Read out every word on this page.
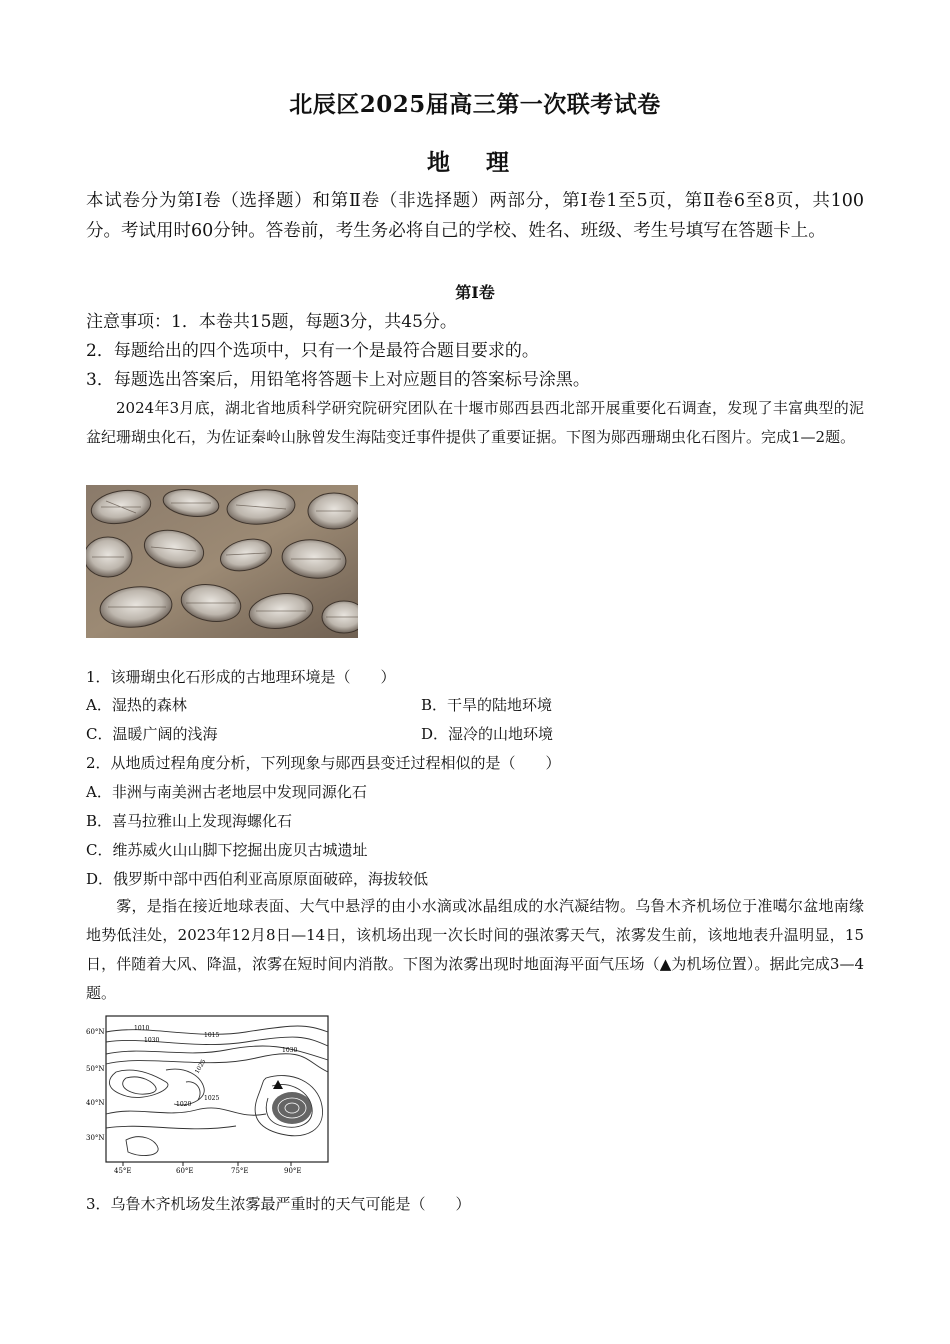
北辰区2025届高三第一次联考试卷
地 理
本试卷分为第Ⅰ卷（选择题）和第Ⅱ卷（非选择题）两部分，第Ⅰ卷1至5页，第Ⅱ卷6至8页，共100分。考试用时60分钟。答卷前，考生务必将自己的学校、姓名、班级、考生号填写在答题卡上。
第Ⅰ卷
注意事项：1．本卷共15题，每题3分，共45分。
2．每题给出的四个选项中，只有一个是最符合题目要求的。
3．每题选出答案后，用铅笔将答题卡上对应题目的答案标号涂黑。
2024年3月底，湖北省地质科学研究院研究团队在十堰市郧西县西北部开展重要化石调查，发现了丰富典型的泥盆纪珊瑚虫化石，为佐证秦岭山脉曾发生海陆变迁事件提供了重要证据。下图为郧西珊瑚虫化石图片。完成1—2题。
1．该珊瑚虫化石形成的古地理环境是（　　）
A．湿热的森林	B．干旱的陆地环境
C．温暖广阔的浅海	D．湿冷的山地环境
2．从地质过程角度分析，下列现象与郧西县变迁过程相似的是（　　）
A．非洲与南美洲古老地层中发现同源化石
B．喜马拉雅山上发现海螺化石
C．维苏威火山山脚下挖掘出庞贝古城遗址
D．俄罗斯中部中西伯利亚高原原面破碎，海拔较低
雾，是指在接近地球表面、大气中悬浮的由小水滴或冰晶组成的水汽凝结物。乌鲁木齐机场位于准噶尔盆地南缘地势低洼处，2023年12月8日—14日，该机场出现一次长时间的强浓雾天气，浓雾发生前，该地地表升温明显，15日，伴随着大风、降温，浓雾在短时间内消散。下图为浓雾出现时地面海平面气压场（▲为机场位置）。据此完成3—4题。
60°N
50°N
40°N
30°N
45°E	60°E	75°E	90°E
1010
1015
1030
1025
1020
1025
1030
3．乌鲁木齐机场发生浓雾最严重时的天气可能是（　　）
